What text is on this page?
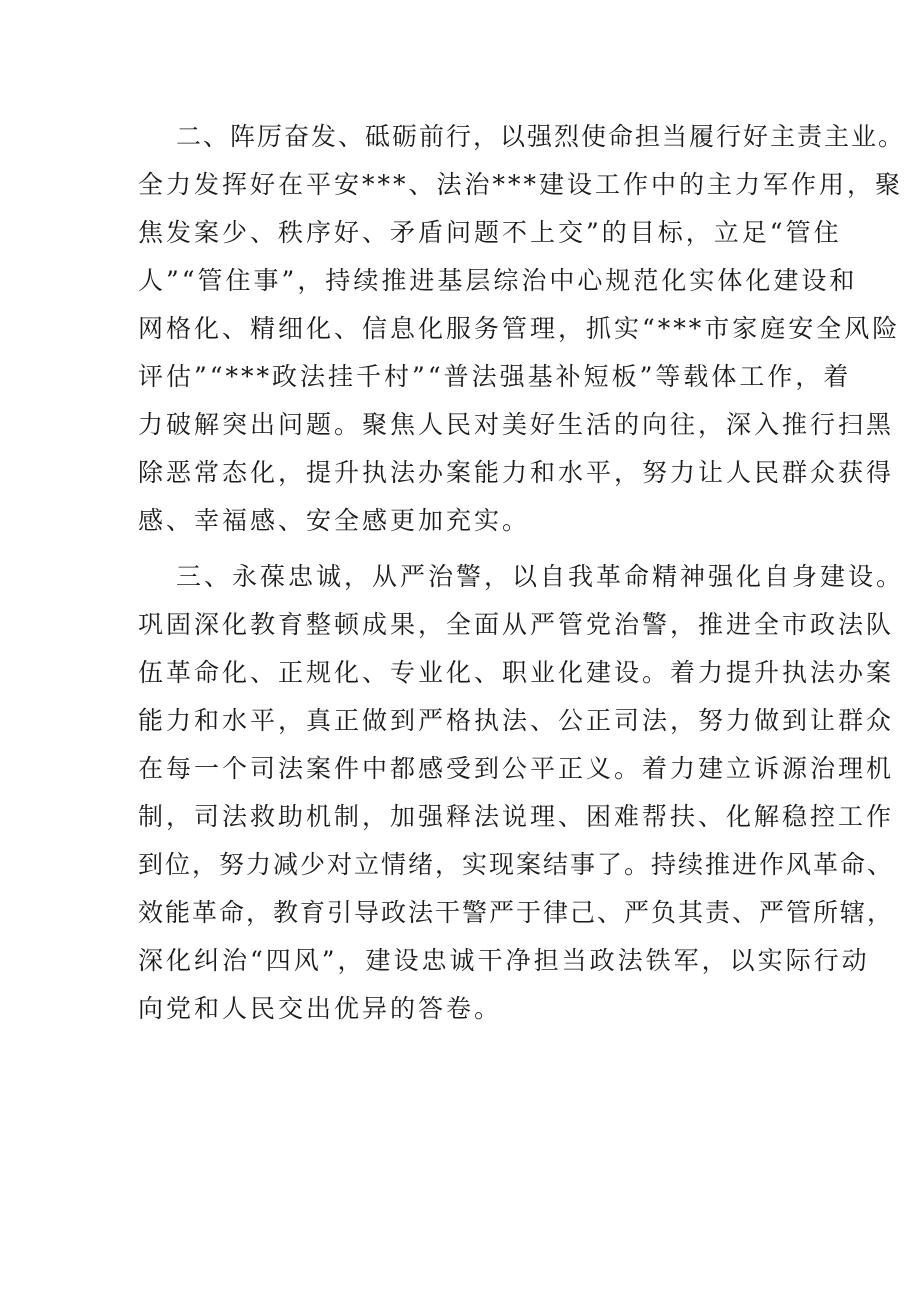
二、阵厉奋发、砥砺前行，以强烈使命担当履行好主责主业。

全力发挥好在平安***、法治***建设工作中的主力军作用，聚

焦发案少、秩序好、矛盾问题不上交”的目标，立足“管住

人”“管住事”，持续推进基层综治中心规范化实体化建设和

网格化、精细化、信息化服务管理，抓实“***市家庭安全风险

评估”“***政法挂千村”“普法强基补短板”等载体工作，着

力破解突出问题。聚焦人民对美好生活的向往，深入推行扫黑

除恶常态化，提升执法办案能力和水平，努力让人民群众获得

感、幸福感、安全感更加充实。

三、永葆忠诚，从严治警，以自我革命精神强化自身建设。

巩固深化教育整顿成果，全面从严管党治警，推进全市政法队

伍革命化、正规化、专业化、职业化建设。着力提升执法办案

能力和水平，真正做到严格执法、公正司法，努力做到让群众

在每一个司法案件中都感受到公平正义。着力建立诉源治理机

制，司法救助机制，加强释法说理、困难帮扶、化解稳控工作

到位，努力减少对立情绪，实现案结事了。持续推进作风革命、

效能革命，教育引导政法干警严于律己、严负其责、严管所辖，

深化纠治“四风”，建设忠诚干净担当政法铁军，以实际行动

向党和人民交出优异的答卷。
